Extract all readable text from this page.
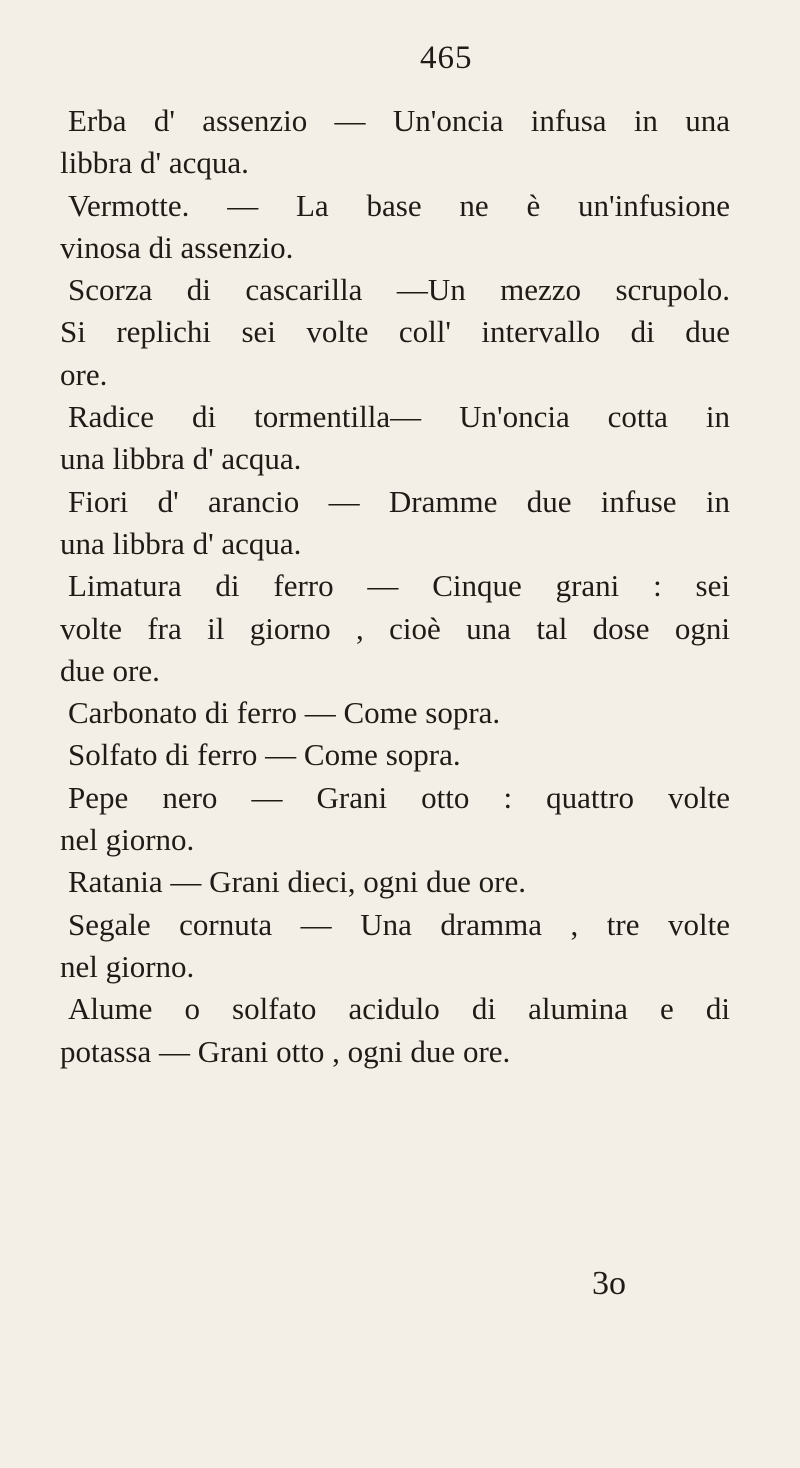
465
Erba d' assenzio — Un'oncia infusa in una
libbra d' acqua.
Vermotte. — La base ne è un'infusione
vinosa di assenzio.
Scorza di cascarilla —Un mezzo scrupolo.
Si replichi sei volte coll' intervallo di due
ore.
Radice di tormentilla— Un'oncia cotta in
una libbra d' acqua.
Fiori d' arancio — Dramme due infuse in
una libbra d' acqua.
Limatura di ferro — Cinque grani : sei
volte fra il giorno , cioè una tal dose ogni
due ore.
Carbonato di ferro — Come sopra.
Solfato di ferro — Come sopra.
Pepe nero — Grani otto : quattro volte
nel giorno.
Ratania — Grani dieci, ogni due ore.
Segale cornuta — Una dramma , tre volte
nel giorno.
Alume o solfato acidulo di alumina e di
potassa — Grani otto , ogni due ore.
3o
